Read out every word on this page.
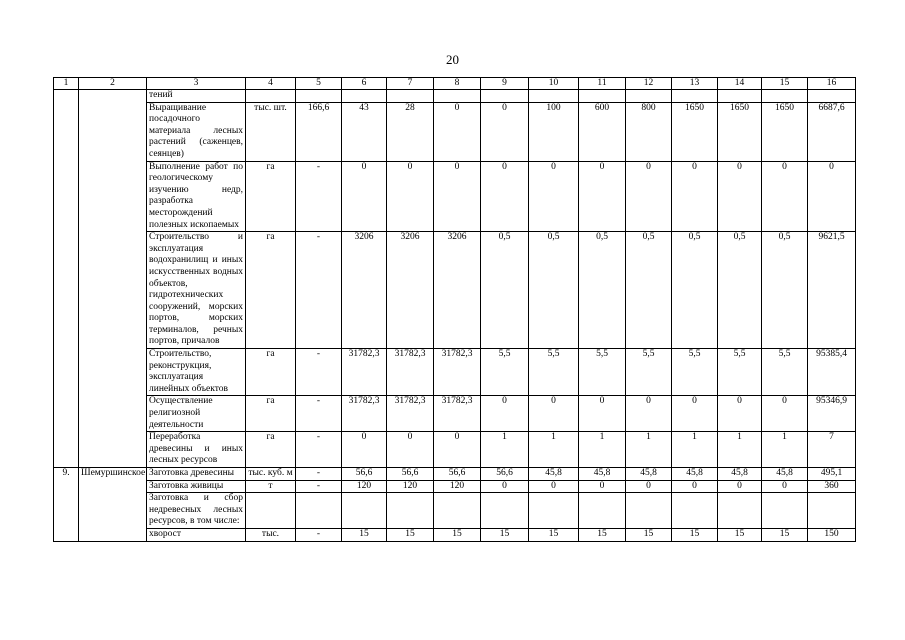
20
1	2	3	4	5	6	7	8	9	10	11	12	13	14	15	16
		тений													
		Выращивание посадочного материала лесных растений (саженцев, сеянцев)	тыс. шт.	166,6	43	28	0	0	100	600	800	1650	1650	1650	6687,6
		Выполнение работ по геологическому изучению недр, разработка месторождений полезных ископаемых	га	-	0	0	0	0	0	0	0	0	0	0	0
		Строительство и эксплуатация водохранилищ и иных искусственных водных объектов, гидротехнических сооружений, морских портов, морских терминалов, речных портов, причалов	га	-	3206	3206	3206	0,5	0,5	0,5	0,5	0,5	0,5	0,5	9621,5
		Строительство, реконструкция, эксплуатация линейных объектов	га	-	31782,3	31782,3	31782,3	5,5	5,5	5,5	5,5	5,5	5,5	5,5	95385,4
		Осуществление религиозной деятельности	га	-	31782,3	31782,3	31782,3	0	0	0	0	0	0	0	95346,9
		Переработка древесины и иных лесных ресурсов	га	-	0	0	0	1	1	1	1	1	1	1	7
9.	Шемуршинское	Заготовка древесины	тыс. куб. м	-	56,6	56,6	56,6	56,6	45,8	45,8	45,8	45,8	45,8	45,8	495,1
		Заготовка живицы	т	-	120	120	120	0	0	0	0	0	0	0	360
		Заготовка и сбор недревесных лесных ресурсов, в том числе:													
		хворост	тыс.	-	15	15	15	15	15	15	15	15	15	15	150
